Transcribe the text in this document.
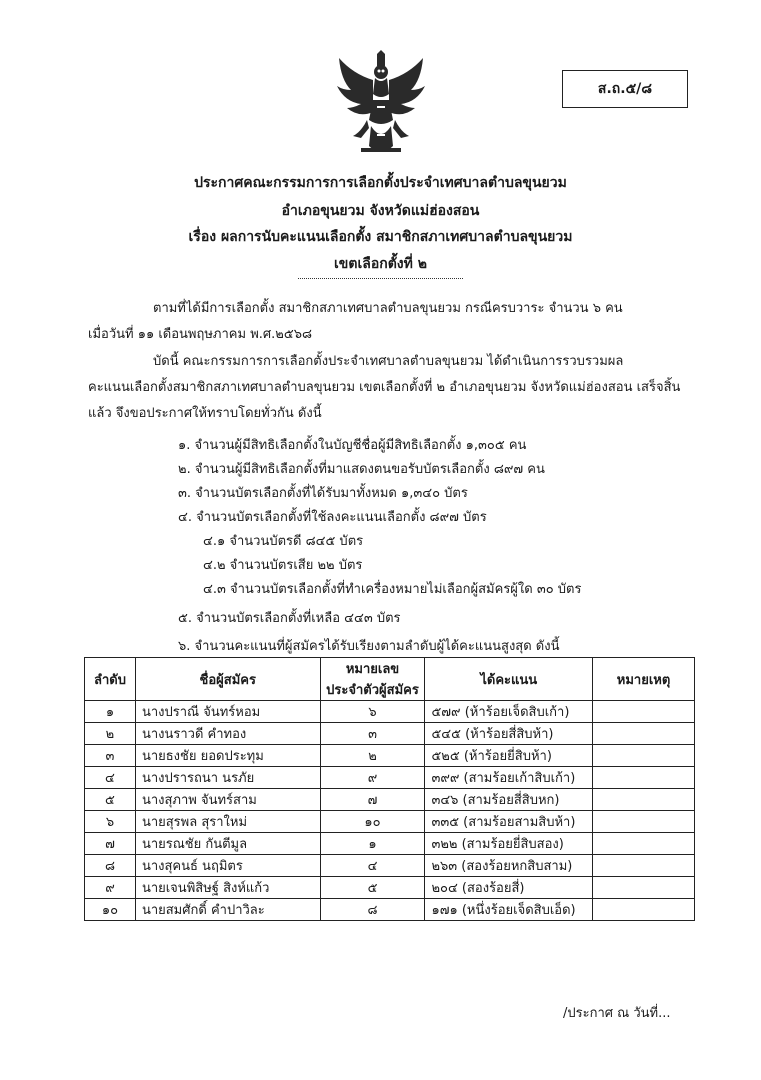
ส.ถ.๕/๘
ประกาศคณะกรรมการการเลือกตั้งประจำเทศบาลตำบลขุนยวม
อำเภอขุนยวม จังหวัดแม่ฮ่องสอน
เรื่อง ผลการนับคะแนนเลือกตั้ง สมาชิกสภาเทศบาลตำบลขุนยวม
เขตเลือกตั้งที่ ๒
ตามที่ได้มีการเลือกตั้ง สมาชิกสภาเทศบาลตำบลขุนยวม กรณีครบวาระ จำนวน ๖ คน
เมื่อวันที่ ๑๑ เดือนพฤษภาคม พ.ศ.๒๕๖๘
บัดนี้ คณะกรรมการการเลือกตั้งประจำเทศบาลตำบลขุนยวม ได้ดำเนินการรวบรวมผล
คะแนนเลือกตั้งสมาชิกสภาเทศบาลตำบลขุนยวม เขตเลือกตั้งที่ ๒ อำเภอขุนยวม จังหวัดแม่ฮ่องสอน เสร็จสิ้น
แล้ว จึงขอประกาศให้ทราบโดยทั่วกัน ดังนี้
๑. จำนวนผู้มีสิทธิเลือกตั้งในบัญชีชื่อผู้มีสิทธิเลือกตั้ง ๑,๓๐๕ คน
๒. จำนวนผู้มีสิทธิเลือกตั้งที่มาแสดงตนขอรับบัตรเลือกตั้ง ๘๙๗ คน
๓. จำนวนบัตรเลือกตั้งที่ได้รับมาทั้งหมด ๑,๓๔๐ บัตร
๔. จำนวนบัตรเลือกตั้งที่ใช้ลงคะแนนเลือกตั้ง ๘๙๗ บัตร
๔.๑ จำนวนบัตรดี ๘๔๕ บัตร
๔.๒ จำนวนบัตรเสีย ๒๒ บัตร
๔.๓ จำนวนบัตรเลือกตั้งที่ทำเครื่องหมายไม่เลือกผู้สมัครผู้ใด ๓๐ บัตร
๕. จำนวนบัตรเลือกตั้งที่เหลือ ๔๔๓ บัตร
๖. จำนวนคะแนนที่ผู้สมัครได้รับเรียงตามลำดับผู้ได้คะแนนสูงสุด ดังนี้
ลำดับ	ชื่อผู้สมัคร	หมายเลข
ประจำตัวผู้สมัคร	ได้คะแนน	หมายเหตุ
๑	นางปราณี จันทร์หอม	๖	๕๗๙ (ห้าร้อยเจ็ดสิบเก้า)	
๒	นางนราวดี คำทอง	๓	๕๔๕ (ห้าร้อยสี่สิบห้า)	
๓	นายธงชัย ยอดประทุม	๒	๕๒๕ (ห้าร้อยยี่สิบห้า)	
๔	นางปรารถนา นรภัย	๙	๓๙๙ (สามร้อยเก้าสิบเก้า)	
๕	นางสุภาพ จันทร์สาม	๗	๓๔๖ (สามร้อยสี่สิบหก)	
๖	นายสุรพล สุราใหม่	๑๐	๓๓๕ (สามร้อยสามสิบห้า)	
๗	นายรณชัย กันตีมูล	๑	๓๒๒ (สามร้อยยี่สิบสอง)	
๘	นางสุคนธ์ นฤมิตร	๔	๒๖๓ (สองร้อยหกสิบสาม)	
๙	นายเจนพิสิษฐ์ สิงห์แก้ว	๕	๒๐๔ (สองร้อยสี่)	
๑๐	นายสมศักดิ์ คำปาวิละ	๘	๑๗๑ (หนึ่งร้อยเจ็ดสิบเอ็ด)	
/ประกาศ ณ วันที่...
